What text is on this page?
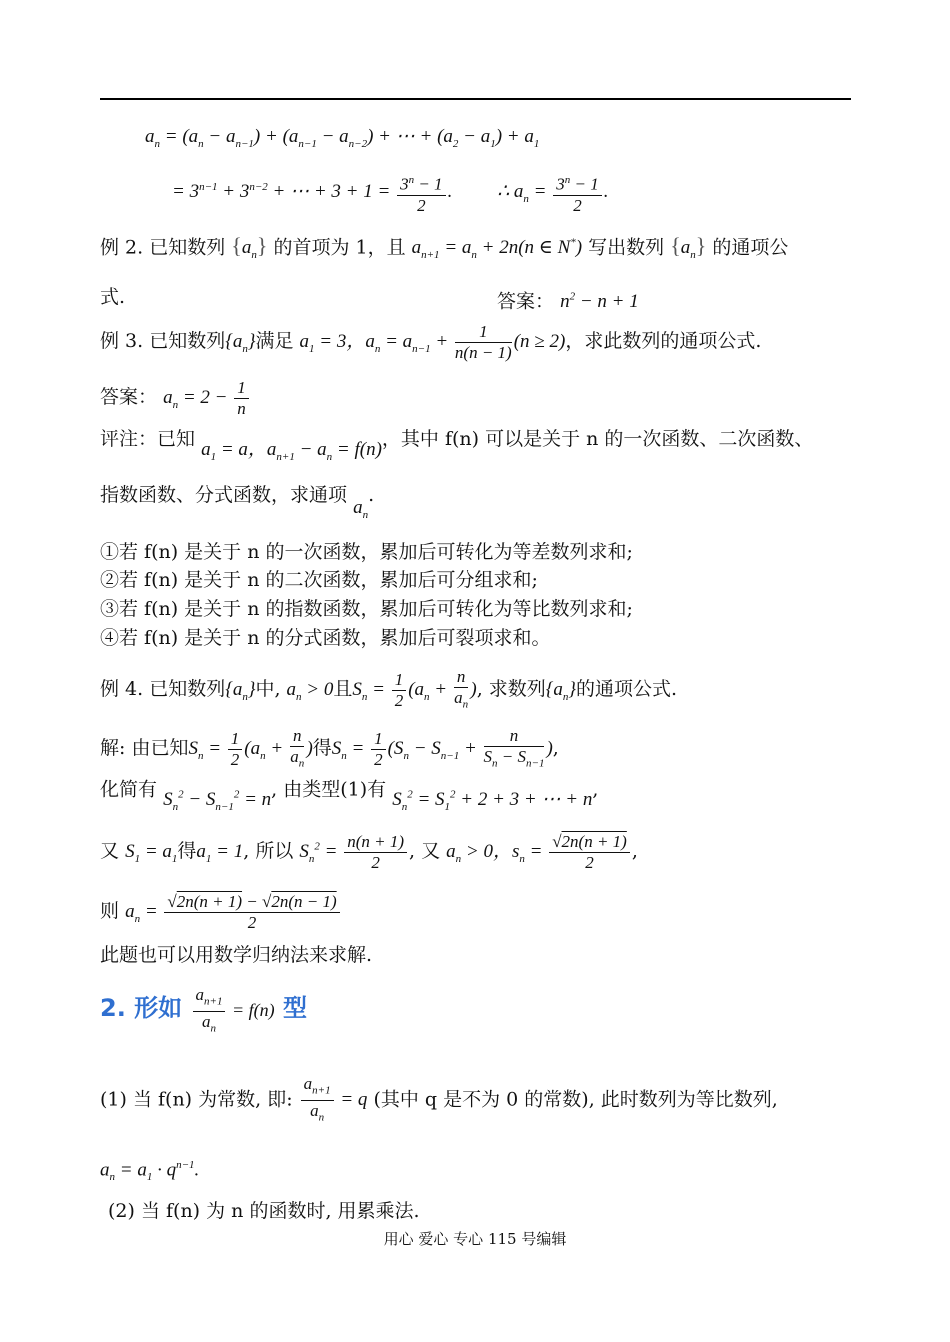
$a_n = (a_n - a_{n-1}) + (a_{n-1} - a_{n-2})$ + ⋯ + $(a_2 - a_1) + a_1$
= $3^{n-1} + 3^{n-2}$ + ⋯ + $3 + 1 = \frac{3^n - 1}{2}$ . ∴ $a_n = \frac{3^n - 1}{2}$ .
例 2. 已知数列 $\{a_n\}$ 的首项为 1，且 $a_{n+1} = a_n + 2n(n$ ∈ N*) 写出数列 $\{a_n\}$ 的通项公
式.	答案： $n^2 - n + 1$
例 3. 已知数列$\{a_n\}$满足 $a_1 = 3$，$a_n = a_{n-1} + \frac{1}{n(n - 1)} (n \ge 2)$，求此数列的通项公式.
答案： $a_n = 2 - \frac{1}{n}$
评注：已知 $a_1 = a$，$a_{n+1} - a_n = f(n)$，其中 f(n) 可以是关于 n 的一次函数、二次函数、
指数函数、分式函数，求通项 $a_n$.
①若 f(n) 是关于 n 的一次函数，累加后可转化为等差数列求和;
②若 f(n) 是关于 n 的二次函数，累加后可分组求和;
③若 f(n) 是关于 n 的指数函数，累加后可转化为等比数列求和;
④若 f(n) 是关于 n 的分式函数，累加后可裂项求和。
例 4. 已知数列$\{a_n\}$中, $a_n > 0$且$S_n = \frac{1}{2} (a_n + \frac{n}{a_n}$ ), 求数列$\{a_n\}$的通项公式.
解: 由已知$S_n = \frac{1}{2} (a_n + \frac{n}{a_n}$ )得$S_n = \frac{1}{2} (S_n - S_{n-1} + \frac{n}{S_n - S_{n-1}}$ ),
化简有 $S_n^2 - S_{n-1}^2 = n$, 由类型(1)有 $S_n^2 = S_1^2 + 2 + 3$ + ⋯ + n,
又 $S_1 = a_1$得$a_1 = 1$, 所以 $S_n^2 = \frac{n(n + 1)}{2}$ , 又 $a_n > 0$，$s_n = \frac{√2n(n + 1)}{2}$ ,
则 $a_n = \frac{√2n(n + 1) - √2n(n - 1)}{2}$
此题也可以用数学归纳法来求解.
2. 形如 $\frac{a_{n+1}}{a_n} = f(n)$ 型
(1) 当 f(n) 为常数, 即: $\frac{a_{n+1}}{a_n} = q$ (其中 q 是不为 0 的常数), 此时数列为等比数列,
$a_n = a_1 \cdot q^{n-1}$.
(2) 当 f(n) 为 n 的函数时, 用累乘法.
用心 爱心 专心 115 号编辑
